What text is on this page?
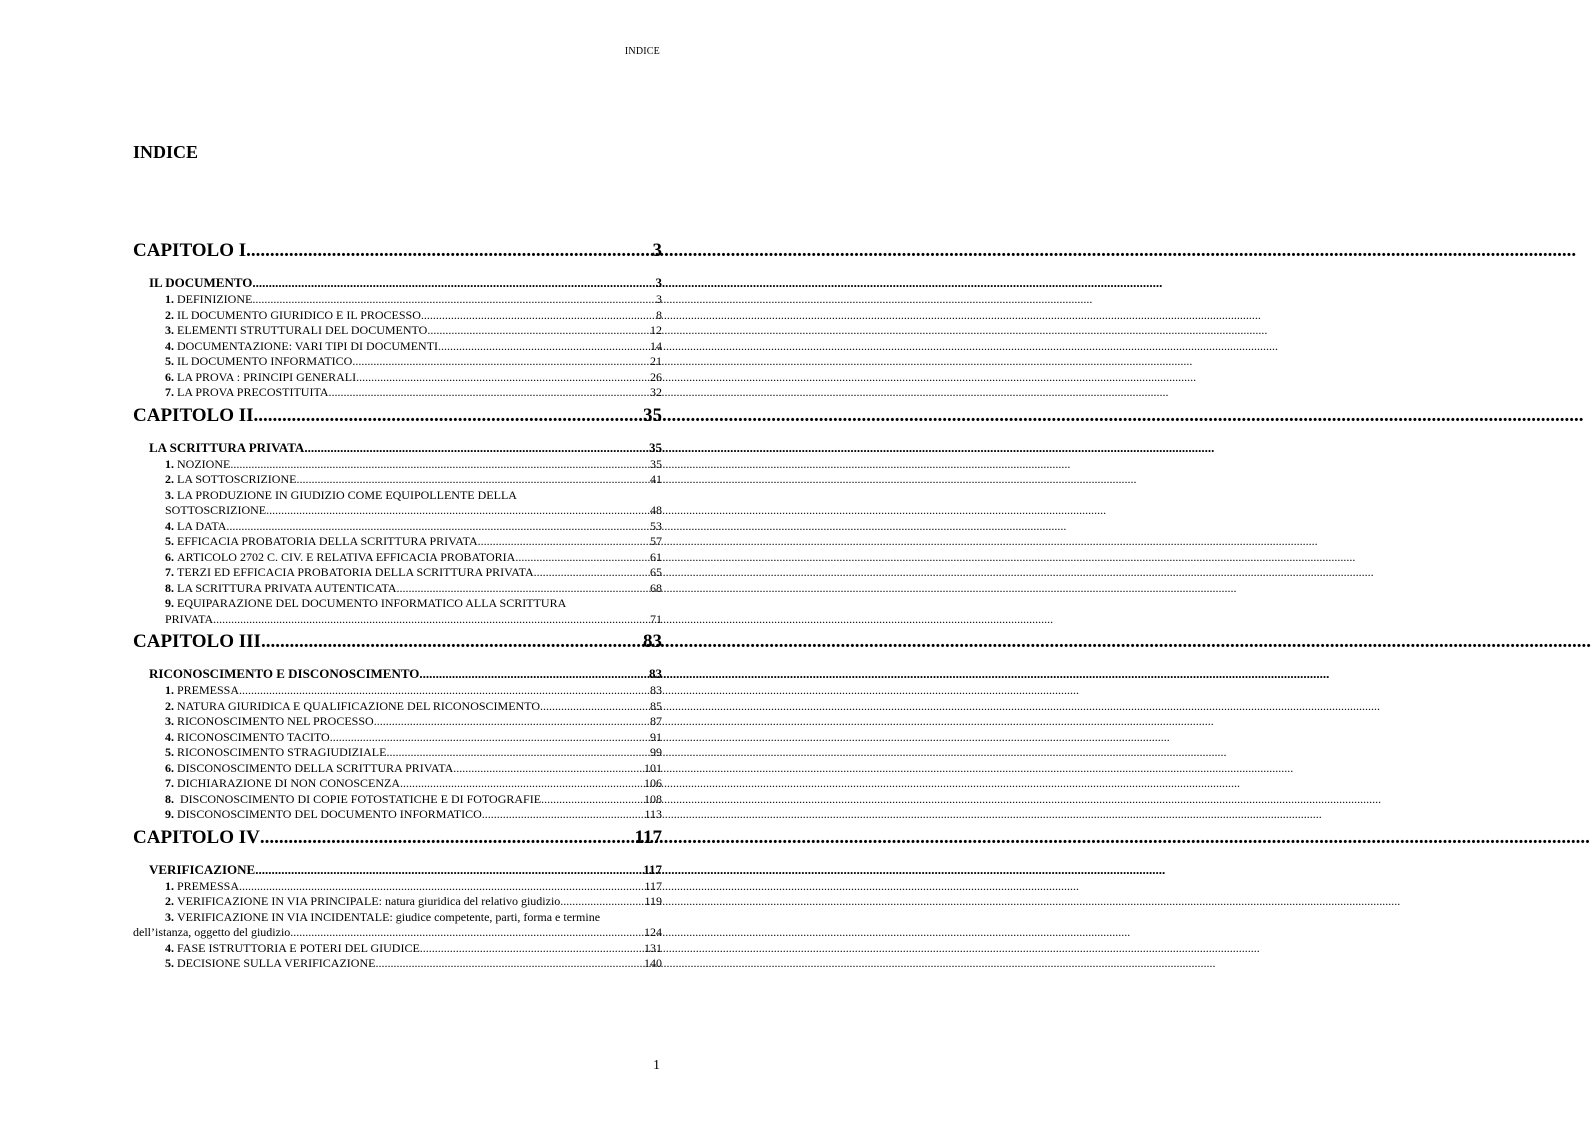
INDICE
INDICE
CAPITOLO I .....	3
IL DOCUMENTO .....	3
1. DEFINIZIONE .....	3
2. IL DOCUMENTO GIURIDICO E IL PROCESSO .....	8
3. ELEMENTI STRUTTURALI DEL DOCUMENTO .....	12
4. DOCUMENTAZIONE: VARI TIPI DI DOCUMENTI .....	14
5. IL DOCUMENTO INFORMATICO .....	21
6. LA PROVA : PRINCIPI GENERALI .....	26
7. LA PROVA PRECOSTITUITA .....	32
CAPITOLO II .....	35
LA SCRITTURA PRIVATA .....	35
1. NOZIONE .....	35
2. LA SOTTOSCRIZIONE .....	41
3. LA PRODUZIONE IN GIUDIZIO COME EQUIPOLLENTE DELLA
SOTTOSCRIZIONE .....	48
4. LA DATA .....	53
5. EFFICACIA PROBATORIA DELLA SCRITTURA PRIVATA .....	57
6. ARTICOLO 2702 C. CIV. E RELATIVA EFFICACIA PROBATORIA .....	61
7. TERZI ED EFFICACIA PROBATORIA DELLA SCRITTURA PRIVATA .....	65
8. LA SCRITTURA PRIVATA AUTENTICATA .....	68
9. EQUIPARAZIONE DEL DOCUMENTO INFORMATICO ALLA SCRITTURA
PRIVATA .....	71
CAPITOLO III .....	83
RICONOSCIMENTO E DISCONOSCIMENTO .....	83
1. PREMESSA .....	83
2. NATURA GIURIDICA E QUALIFICAZIONE DEL RICONOSCIMENTO .....	85
3. RICONOSCIMENTO NEL PROCESSO .....	87
4. RICONOSCIMENTO TACITO .....	91
5. RICONOSCIMENTO STRAGIUDIZIALE .....	99
6. DISCONOSCIMENTO DELLA SCRITTURA PRIVATA .....	101
7. DICHIARAZIONE DI NON CONOSCENZA .....	106
8. DISCONOSCIMENTO DI COPIE FOTOSTATICHE E DI FOTOGRAFIE .....	108
9. DISCONOSCIMENTO DEL DOCUMENTO INFORMATICO .....	113
CAPITOLO IV .....	117
VERIFICAZIONE .....	117
1. PREMESSA .....	117
2. VERIFICAZIONE IN VIA PRINCIPALE: natura giuridica del relativo giudizio .....	119
3. VERIFICAZIONE IN VIA INCIDENTALE: giudice competente, parti, forma e termine
dell’istanza, oggetto del giudizio .....	124
4. FASE ISTRUTTORIA E POTERI DEL GIUDICE .....	131
5. DECISIONE SULLA VERIFICAZIONE .....	140
1
